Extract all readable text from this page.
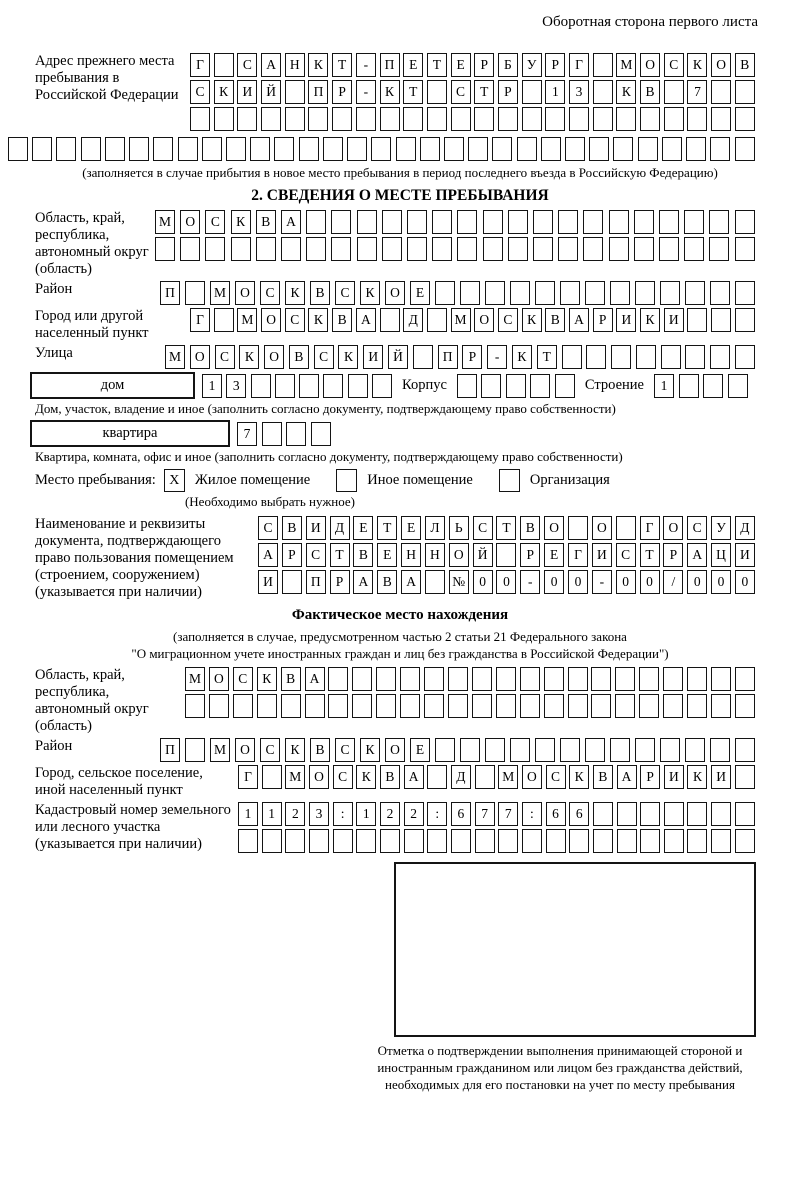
Оборотная сторона первого листа
Адрес прежнего места пребывания в Российской Федерации
Г	С	А	Н	К	Т	-	П	Е	Т	Е	Р	Б	У	Р	Г	М О	С	К	О	В
С	К	И	Й	П	Р	-	К	Т	С	Т	Р	1	3	К	В	7
(заполняется в случае прибытия в новое место пребывания в период последнего въезда в Российскую Федерацию)
2. СВЕДЕНИЯ О МЕСТЕ ПРЕБЫВАНИЯ
Область, край, республика, автономный округ (область)
М	О	С	К	В	А
Район	П	М	О	С	К	В	С	К	О	Е
Город или другой населенный пункт
Г	М О	С	К	В	А	Д	М О	С	К	В	А	Р	И	К	И
Улица	М	О	С	К	О	В	С	К	И	Й	П	Р	-	К	Т
дом	1	3	Корпус	Строение	1
Дом, участок, владение и иное (заполнить согласно документу, подтверждающему право собственности)
квартира	7
Квартира, комната, офис и иное (заполнить согласно документу, подтверждающему право собственности)
Место пребывания: X	Жилое помещение	Иное помещение	Организация
(Необходимо выбрать нужное)
Наименование и реквизиты документа, подтверждающего право пользования помещением (строением, сооружением) (указывается при наличии)
С	В	И	Д	Е	Т	Е	Л	Ь	С	Т	В	О	О	Г	О	С	У	Д
А	Р	С	Т	В	Е	Н	Н	О	Й	Р	Е	Г	И	С	Т	Р	А	Ц	И
И	П	Р	А	В	А	№	0	0	-	0	0	-	0	0	/	0	0	0
Фактическое место нахождения
(заполняется в случае, предусмотренном частью 2 статьи 21 Федерального закона
"О миграционном учете иностранных граждан и лиц без гражданства в Российской Федерации")
Область, край, республика, автономный округ (область)
М О	С	К	В	А
Район	П	М	О	С	К	В	С	К	О	Е
Город, сельское поселение, иной населенный пункт
Г	М О	С	К	В	А	Д	М О	С	К	В	А	Р	И	К	И
Кадастровый номер земельного или лесного участка (указывается при наличии)
1	1	2	3	:	1	2	2	:	6	7	7	:	6	6
Отметка о подтверждении выполнения принимающей стороной и иностранным гражданином или лицом без гражданства действий, необходимых для его постановки на учет по месту пребывания
